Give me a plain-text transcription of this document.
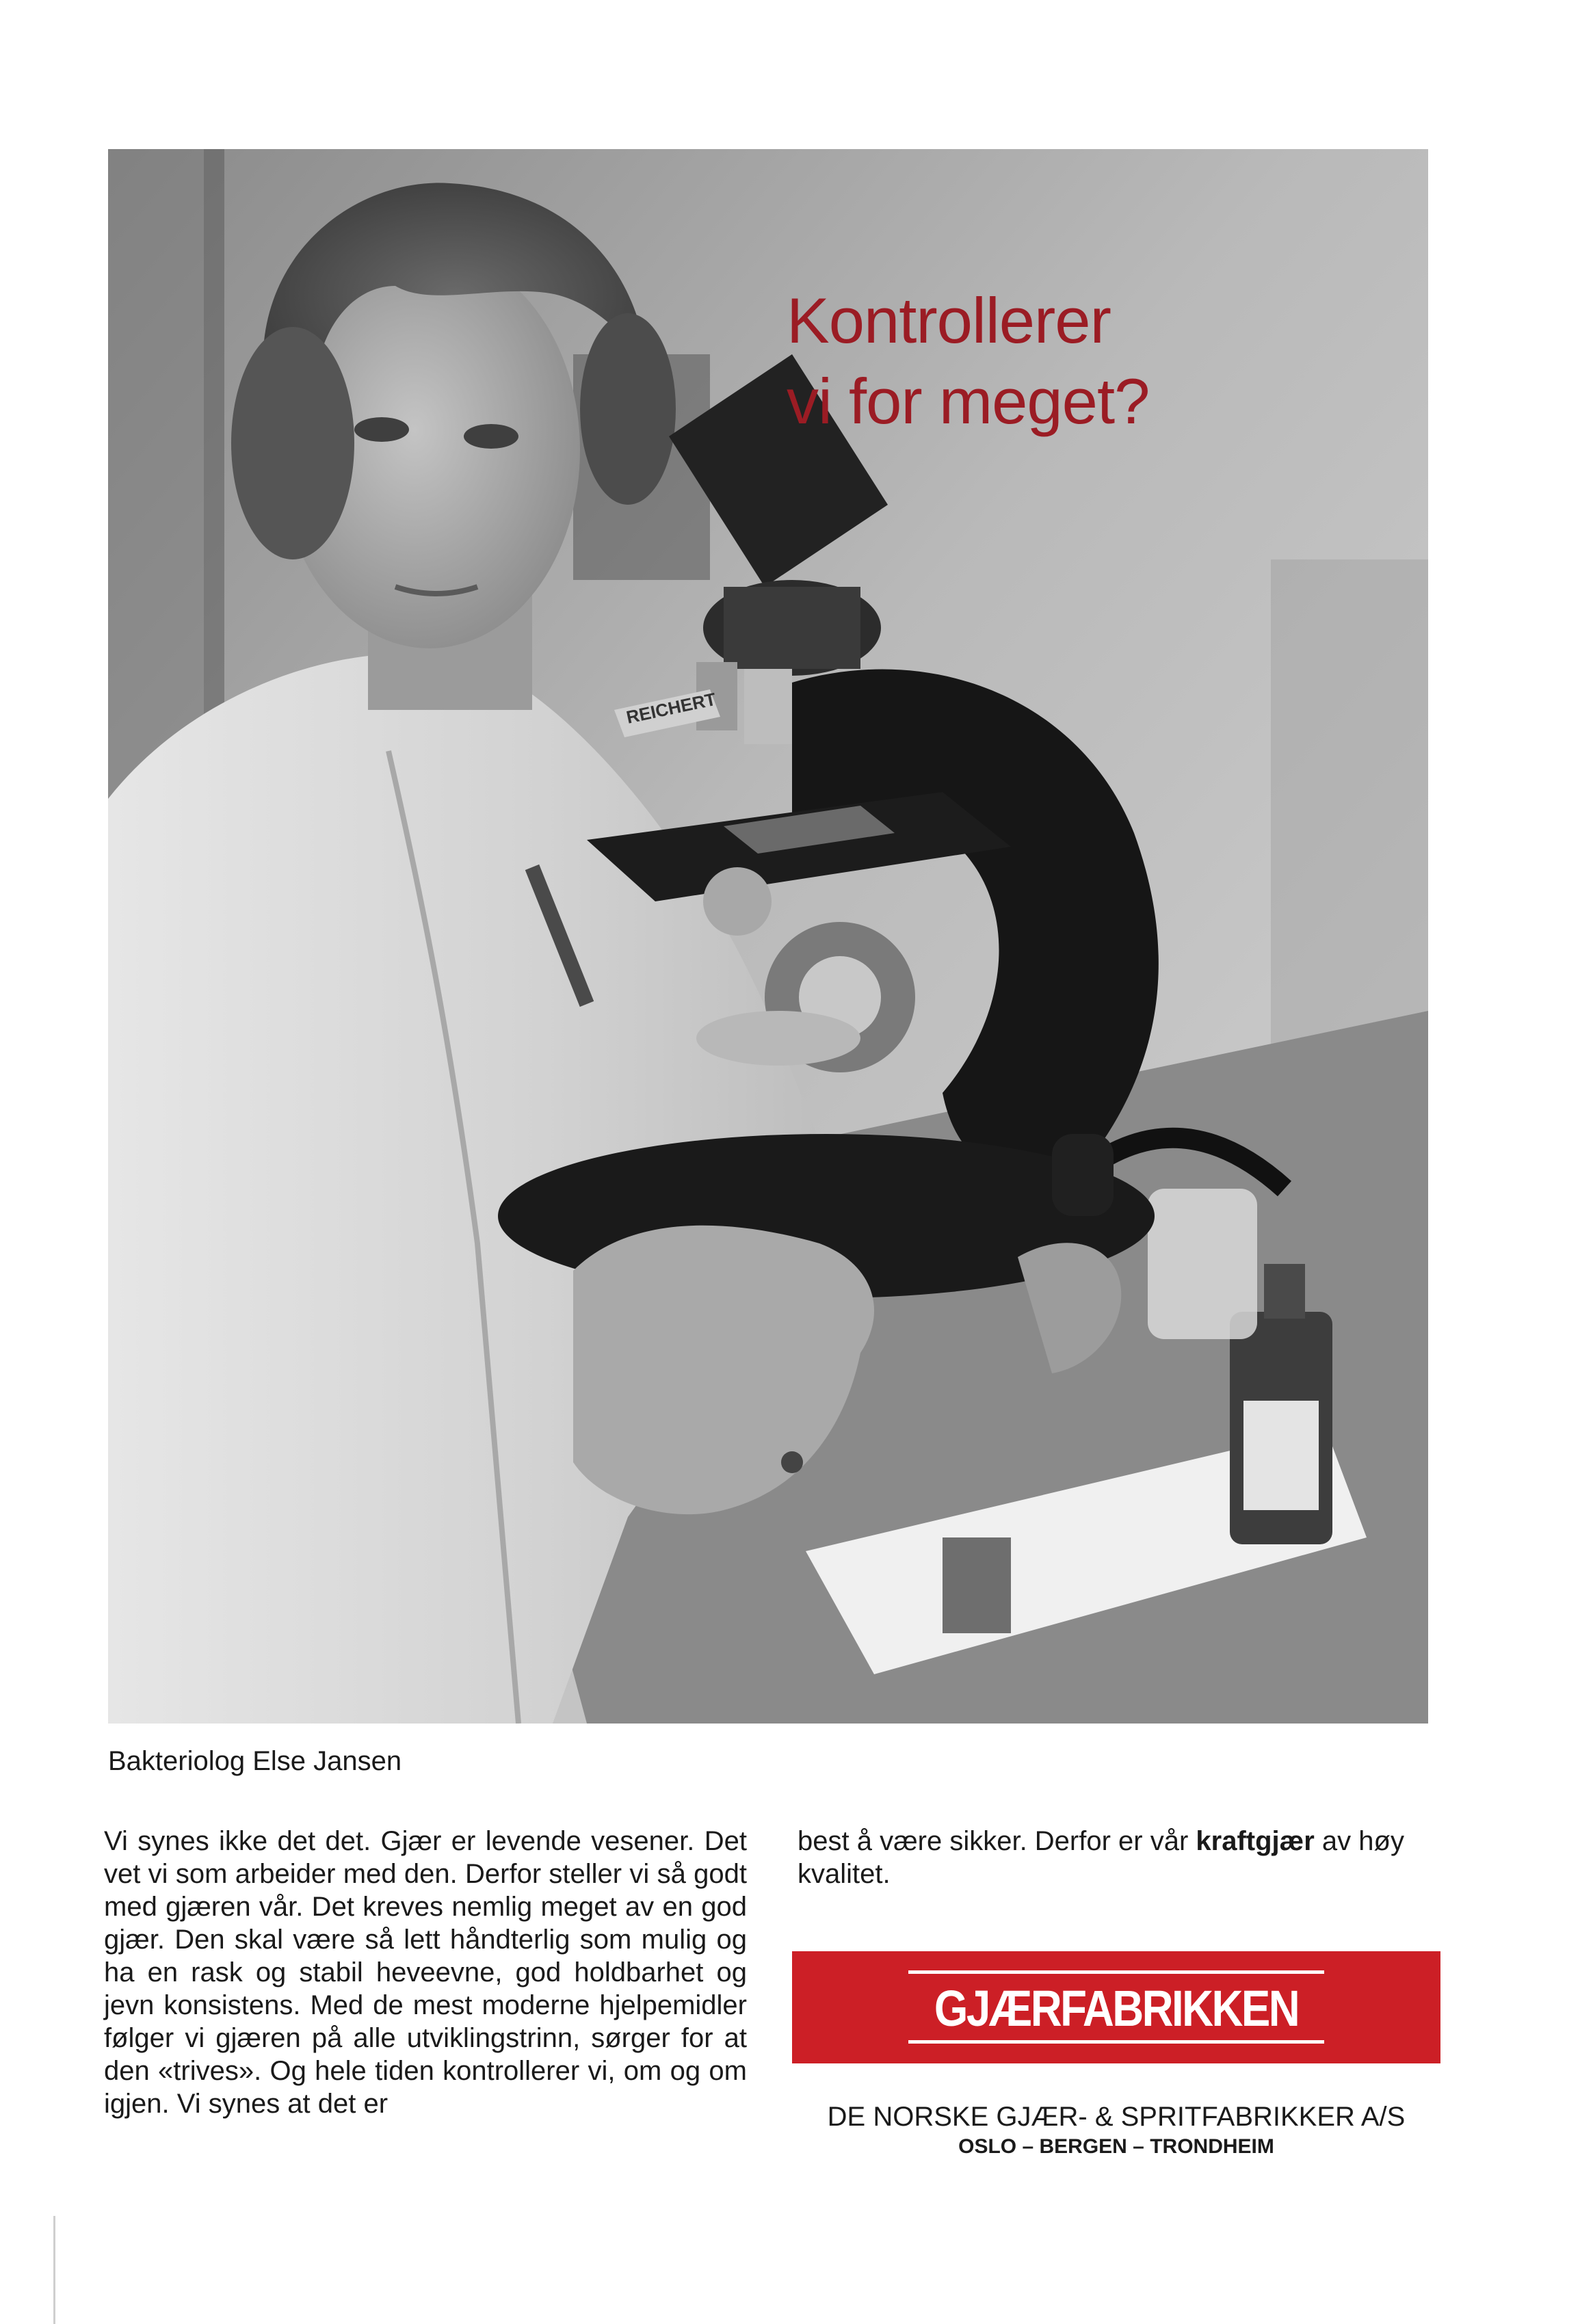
REICHERT
Kontrollerer
vi for meget?
Bakteriolog Else Jansen
Vi synes ikke det det. Gjær er levende vesener. Det vet vi som arbeider med den. Derfor steller vi så godt med gjæren vår. Det kreves nemlig meget av en god gjær. Den skal være så lett håndterlig som mulig og ha en rask og stabil heveevne, god holdbarhet og jevn konsistens. Med de mest moderne hjelpemidler følger vi gjæren på alle utviklingstrinn, sørger for at den «trives». Og hele tiden kontrollerer vi, om og om igjen. Vi synes at det er
best å være sikker. Derfor er vår kraftgjær av høy kvalitet.
GJÆRFABRIKKEN
DE NORSKE GJÆR- & SPRITFABRIKKER A/S
OSLO – BERGEN – TRONDHEIM
